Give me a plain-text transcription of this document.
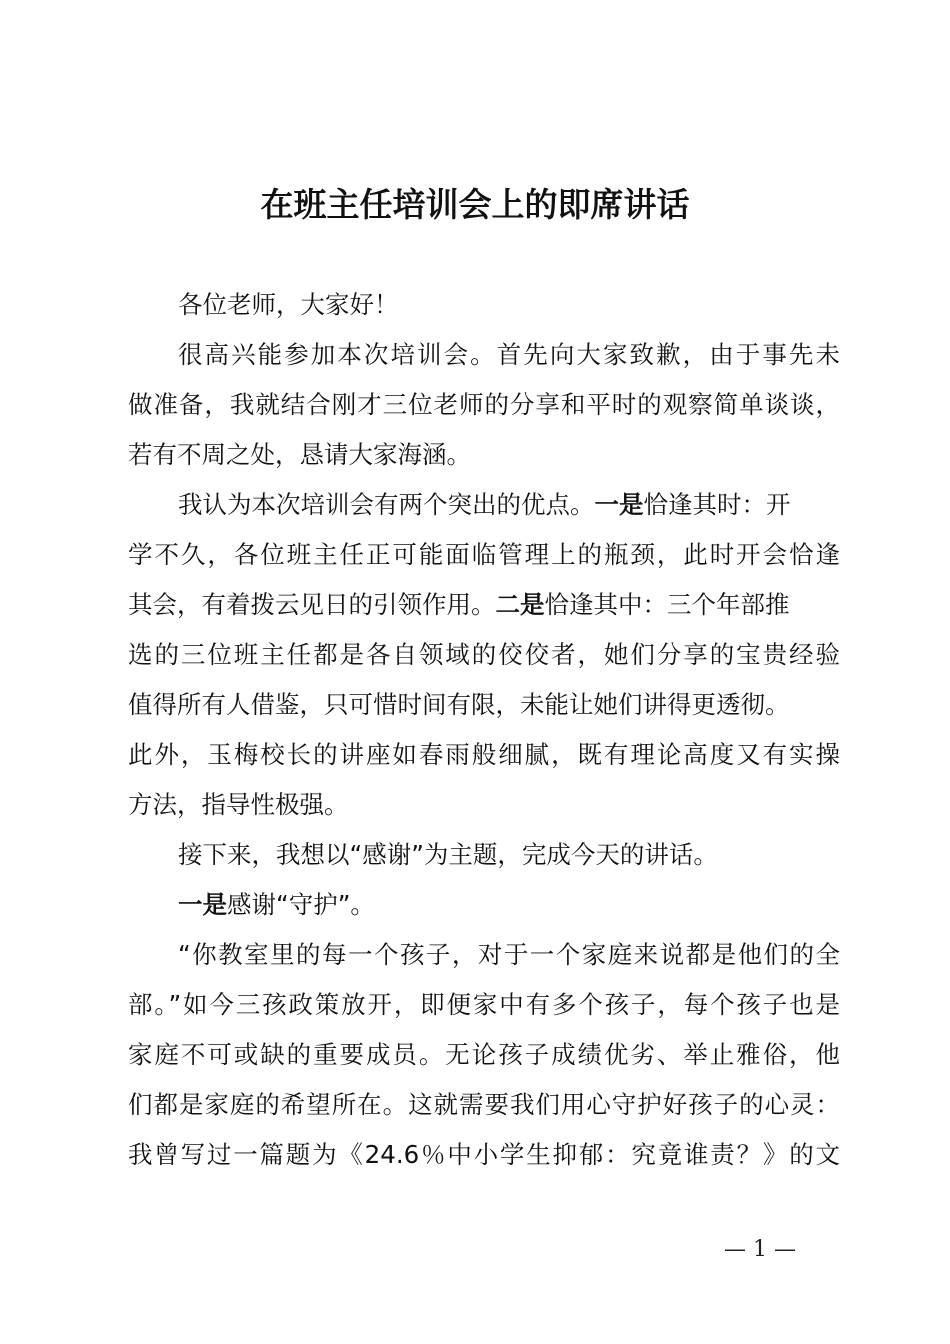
在班主任培训会上的即席讲话
各位老师，大家好！
很高兴能参加本次培训会。首先向大家致歉，由于事先未
做准备，我就结合刚才三位老师的分享和平时的观察简单谈谈，
若有不周之处，恳请大家海涵。
我认为本次培训会有两个突出的优点。一是恰逢其时：开
学不久，各位班主任正可能面临管理上的瓶颈，此时开会恰逢
其会，有着拨云见日的引领作用。二是恰逢其中：三个年部推
选的三位班主任都是各自领域的佼佼者，她们分享的宝贵经验
值得所有人借鉴，只可惜时间有限，未能让她们讲得更透彻。
此外，玉梅校长的讲座如春雨般细腻，既有理论高度又有实操
方法，指导性极强。
接下来，我想以“感谢”为主题，完成今天的讲话。
一是感谢“守护”。
“你教室里的每一个孩子，对于一个家庭来说都是他们的全
部。”如今三孩政策放开，即便家中有多个孩子，每个孩子也是
家庭不可或缺的重要成员。无论孩子成绩优劣、举止雅俗，他
们都是家庭的希望所在。这就需要我们用心守护好孩子的心灵：
我曾写过一篇题为《24.6％中小学生抑郁：究竟谁责？》的文
— 1 —
